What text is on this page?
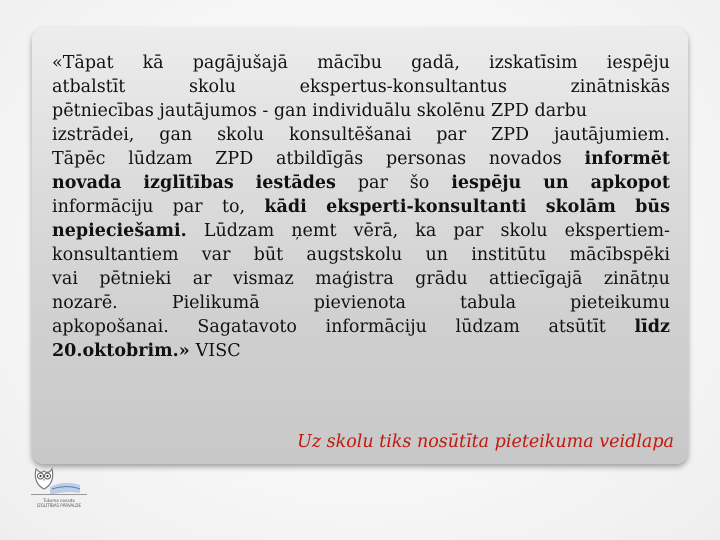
«Tāpat kā pagājušajā mācību gadā, izskatīsim iespēju
atbalstīt	skolu	ekspertus-konsultantus	zinātniskās
pētniecības jautājumos - gan individuālu skolēnu ZPD darbu
izstrādei, gan skolu konsultēšanai par ZPD jautājumiem.
Tāpēc lūdzam ZPD atbildīgās personas novados informēt
novada izglītības iestādes par šo iespēju un apkopot
informāciju par to, kādi eksperti-konsultanti skolām būs
nepieciešami. Lūdzam ņemt vērā, ka par skolu ekspertiem-
konsultantiem var būt augstskolu un institūtu mācībspēki
vai pētnieki ar vismaz maģistra grādu attiecīgajā zinātņu
nozarē.	Pielikumā	pievienota	tabula	pieteikumu
apkopošanai. Sagatavoto informāciju lūdzam atsūtīt līdz
20.oktobrim.» VISC
Uz skolu tiks nosūtīta pieteikuma veidlapa
Tukuma novada
IZGLĪTĪBAS PĀRVALDE
